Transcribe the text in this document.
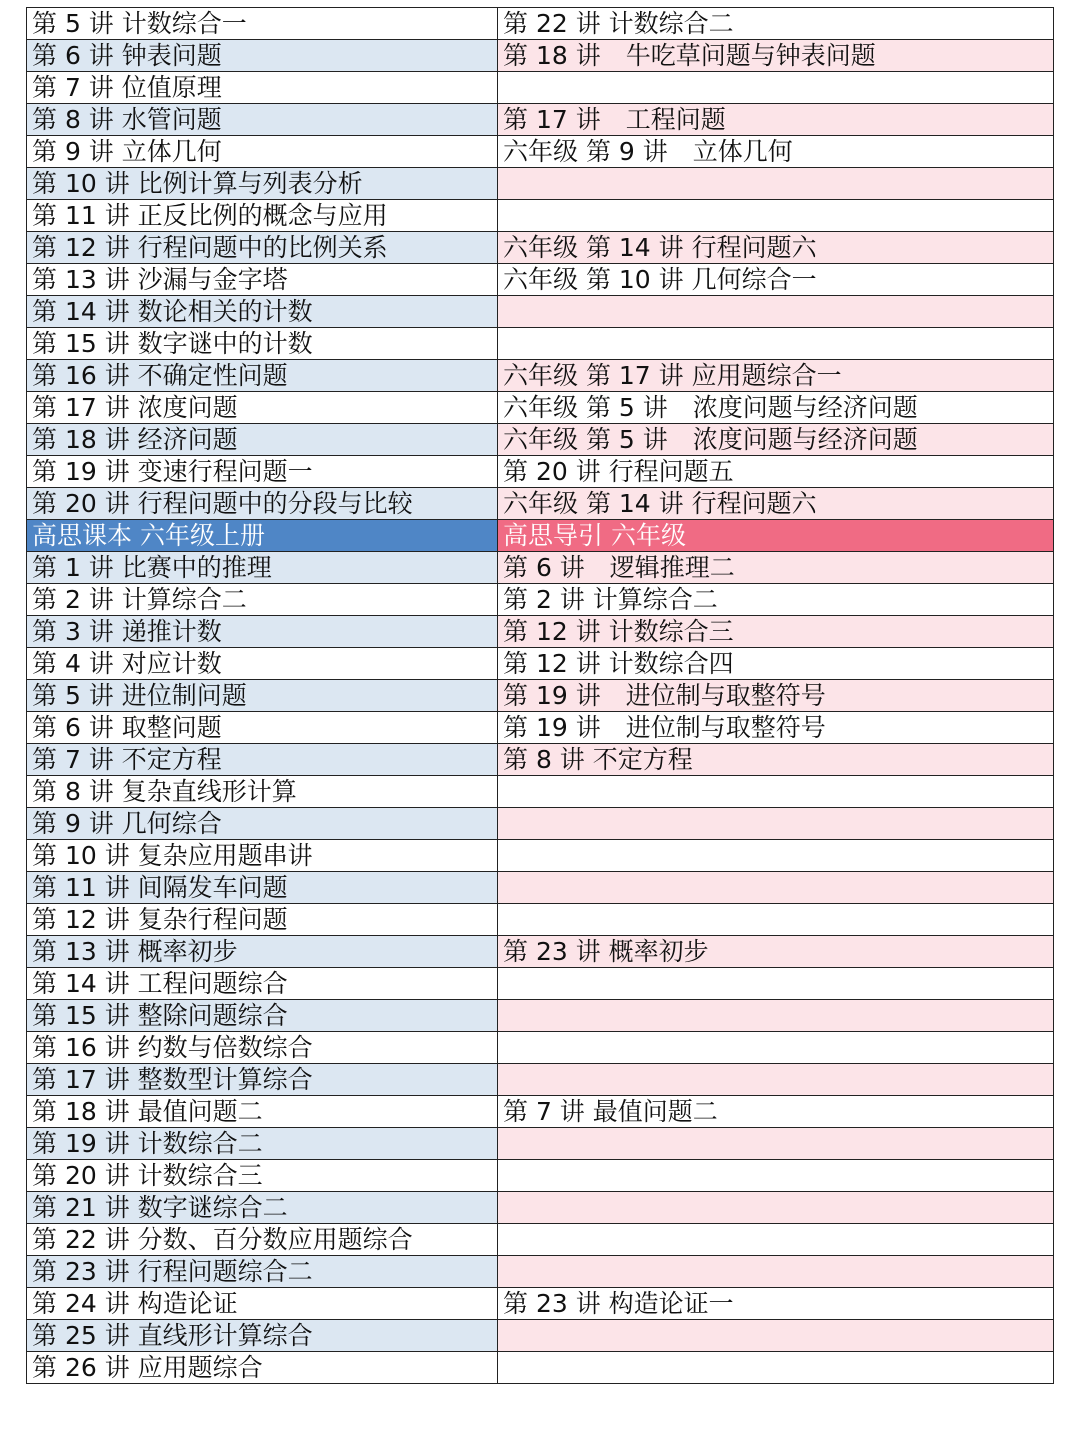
第 5 讲 计数综合一	第 22 讲 计数综合二
第 6 讲 钟表问题	第 18 讲　牛吃草问题与钟表问题
第 7 讲 位值原理	
第 8 讲 水管问题	第 17 讲　工程问题
第 9 讲 立体几何	六年级 第 9 讲　立体几何
第 10 讲 比例计算与列表分析	
第 11 讲 正反比例的概念与应用	
第 12 讲 行程问题中的比例关系	六年级 第 14 讲 行程问题六
第 13 讲 沙漏与金字塔	六年级 第 10 讲 几何综合一
第 14 讲 数论相关的计数	
第 15 讲 数字谜中的计数	
第 16 讲 不确定性问题	六年级 第 17 讲 应用题综合一
第 17 讲 浓度问题	六年级 第 5 讲　浓度问题与经济问题
第 18 讲 经济问题	六年级 第 5 讲　浓度问题与经济问题
第 19 讲 变速行程问题一	第 20 讲 行程问题五
第 20 讲 行程问题中的分段与比较	六年级 第 14 讲 行程问题六
高思课本 六年级上册	高思导引 六年级
第 1 讲 比赛中的推理	第 6 讲　逻辑推理二
第 2 讲 计算综合二	第 2 讲 计算综合二
第 3 讲 递推计数	第 12 讲 计数综合三
第 4 讲 对应计数	第 12 讲 计数综合四
第 5 讲 进位制问题	第 19 讲　进位制与取整符号
第 6 讲 取整问题	第 19 讲　进位制与取整符号
第 7 讲 不定方程	第 8 讲 不定方程
第 8 讲 复杂直线形计算	
第 9 讲 几何综合	
第 10 讲 复杂应用题串讲	
第 11 讲 间隔发车问题	
第 12 讲 复杂行程问题	
第 13 讲 概率初步	第 23 讲 概率初步
第 14 讲 工程问题综合	
第 15 讲 整除问题综合	
第 16 讲 约数与倍数综合	
第 17 讲 整数型计算综合	
第 18 讲 最值问题二	第 7 讲 最值问题二
第 19 讲 计数综合二	
第 20 讲 计数综合三	
第 21 讲 数字谜综合二	
第 22 讲 分数、百分数应用题综合	
第 23 讲 行程问题综合二	
第 24 讲 构造论证	第 23 讲 构造论证一
第 25 讲 直线形计算综合	
第 26 讲 应用题综合	
